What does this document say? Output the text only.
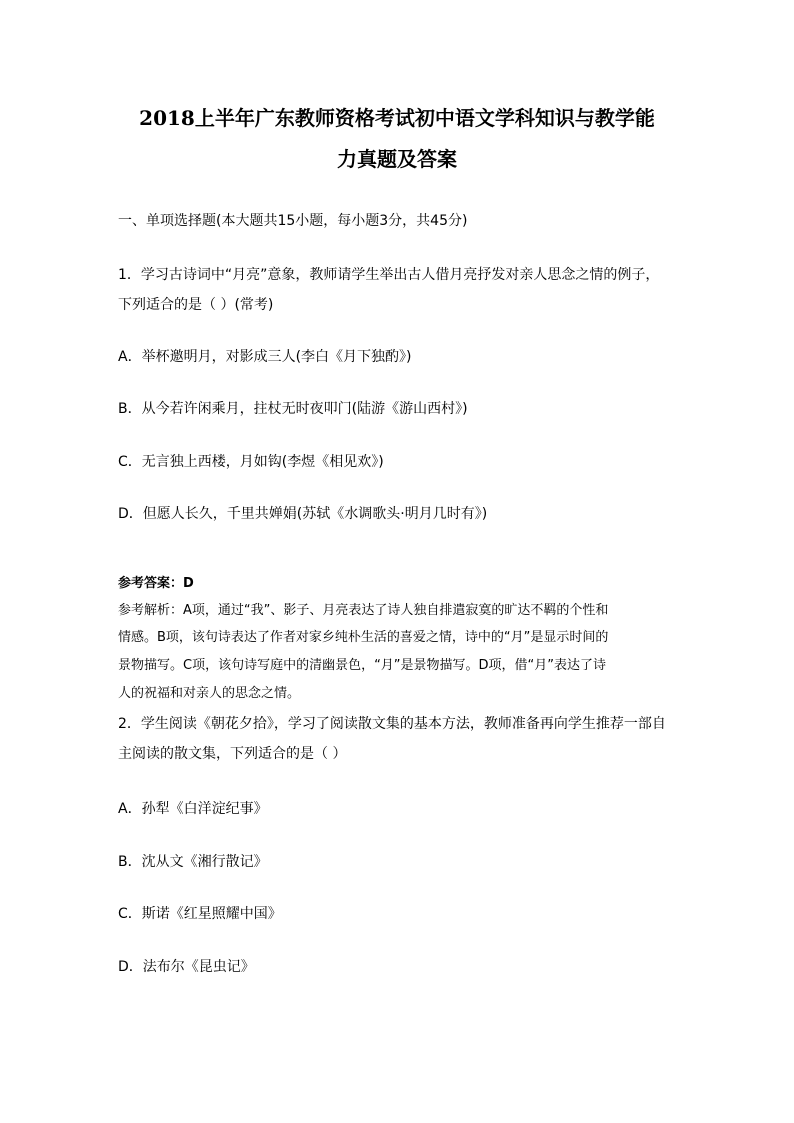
2018上半年广东教师资格考试初中语文学科知识与教学能
力真题及答案
一、单项选择题(本大题共15小题，每小题3分，共45分)
1．学习古诗词中“月亮”意象，教师请学生举出古人借月亮抒发对亲人思念之情的例子，
下列适合的是（ ）(常考)
A．举杯邀明月，对影成三人(李白《月下独酌》)
B．从今若许闲乘月，拄杖无时夜叩门(陆游《游山西村》)
C．无言独上西楼，月如钩(李煜《相见欢》)
D．但愿人长久，千里共婵娟(苏轼《水调歌头·明月几时有》)
参考答案：D
参考解析：A项，通过“我”、影子、月亮表达了诗人独自排遣寂寞的旷达不羁的个性和
情感。B项，该句诗表达了作者对家乡纯朴生活的喜爱之情，诗中的“月”是显示时间的
景物描写。C项，该句诗写庭中的清幽景色，“月”是景物描写。D项，借“月”表达了诗
人的祝福和对亲人的思念之情。
2．学生阅读《朝花夕拾》，学习了阅读散文集的基本方法，教师准备再向学生推荐一部自
主阅读的散文集，下列适合的是（ ）
A．孙犁《白洋淀纪事》
B．沈从文《湘行散记》
C．斯诺《红星照耀中国》
D．法布尔《昆虫记》
